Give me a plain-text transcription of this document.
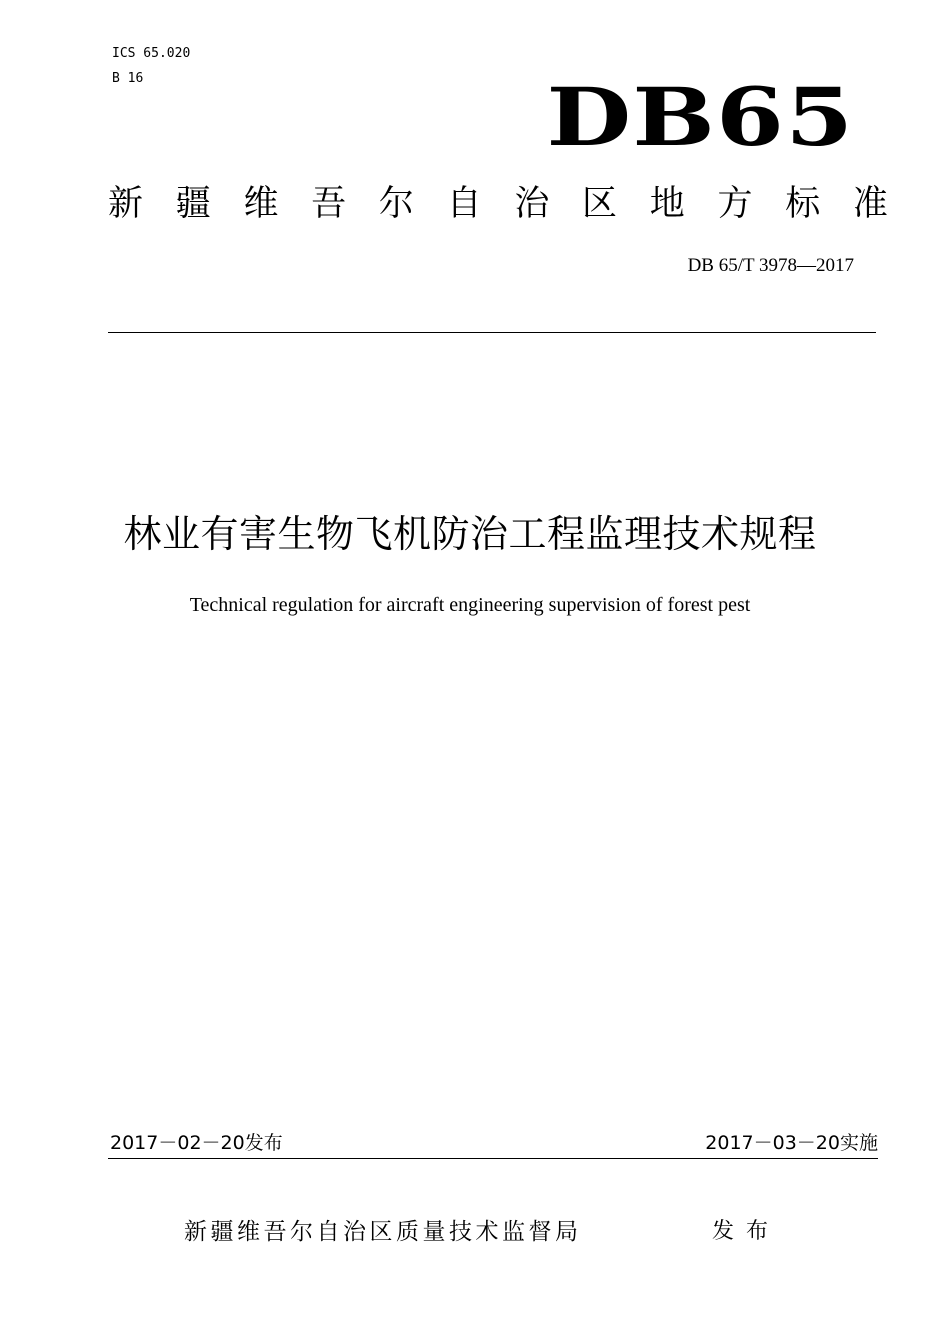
ICS 65.020
B 16	DB65
新 疆 维 吾 尔 自 治 区 地 方 标 准
DB 65/T 3978—2017
林业有害生物飞机防治工程监理技术规程
Technical regulation for aircraft engineering supervision of forest pest
2017－02－20发布	2017－03－20实施
新疆维吾尔自治区质量技术监督局	发布
